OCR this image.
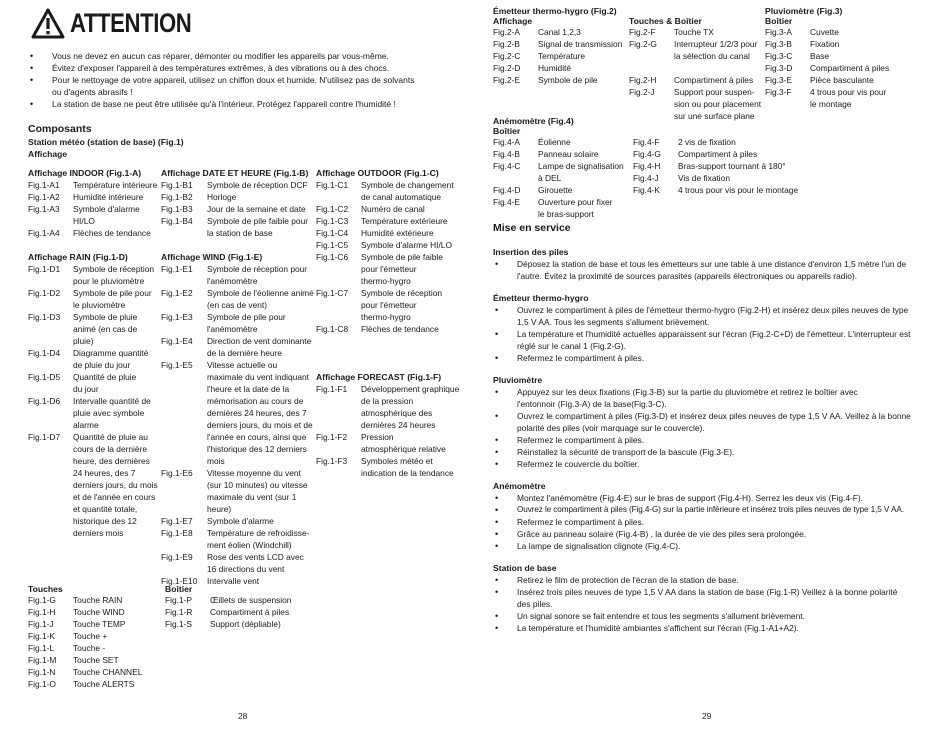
ATTENTION
• Vous ne devez en aucun cas réparer, démonter ou modifier les appareils par vous-même.
• Évitez d'exposer l'appareil à des températures extrêmes, à des vibrations ou à des chocs.
• Pour le nettoyage de votre appareil, utilisez un chiffon doux et humide. N'utilisez pas de solvants ou d'agents abrasifs !
• La station de base ne peut être utilisée qu'à l'intérieur. Protégez l'appareil contre l'humidité !
Composants
Station météo (station de base) (Fig.1)
Affichage
Affichage INDOOR (Fig.1-A)
Fig.1-A1	Température intérieure
Fig.1-A2	Humidité intérieure
Fig.1-A3	Symbole d'alarme HI/LO
Fig.1-A4	Flèches de tendance
Affichage RAIN (Fig.1-D)
Fig.1-D1	Symbole de réception pour le pluviomètre
Fig.1-D2	Symbole de pile pour le pluviomètre
Fig.1-D3	Symbole de pluie animé (en cas de pluie)
Fig.1-D4	Diagramme quantité de pluie du jour
Fig.1-D5	Quantité de pluie du jour
Fig.1-D6	Intervalle quantité de pluie avec symbole alarme
Fig.1-D7	Quantité de pluie au cours de la dernière heure, des dernières 24 heures, des 7 derniers jours, du mois et de l'année en cours et quantité totale, historique des 12 derniers mois
Affichage DATE ET HEURE (Fig.1-B)
Fig.1-B1	Symbole de réception DCF
Fig.1-B2	Horloge
Fig.1-B3	Jour de la semaine et date
Fig.1-B4	Symbole de pile faible pour la station de base
Affichage WIND (Fig.1-E)
Fig.1-E1	Symbole de réception pour l'anémomètre
Fig.1-E2	Symbole de l'éolienne animé (en cas de vent)
Fig.1-E3	Symbole de pile pour l'anémomètre
Fig.1-E4	Direction de vent dominante de la dernière heure
Fig.1-E5	Vitesse actuelle ou maximale du vent indiquant l'heure et la date de la mémorisation au cours de dernières 24 heures, des 7 derniers jours, du mois et de l'année en cours, ainsi que l'historique des 12 derniers mois
Fig.1-E6	Vitesse moyenne du vent (sur 10 minutes) ou vitesse maximale du vent (sur 1 heure)
Fig.1-E7	Symbole d'alarme
Fig.1-E8	Température de refroidisse-ment éolien (Windchill)
Fig.1-E9	Rose des vents LCD avec 16 directions du vent
Fig.1-E10	Intervalle vent
Affichage OUTDOOR (Fig.1-C)
Fig.1-C1	Symbole de changement de canal automatique
Fig.1-C2	Numéro de canal
Fig.1-C3	Température extérieure
Fig.1-C4	Humidité extérieure
Fig.1-C5	Symbole d'alarme HI/LO
Fig.1-C6	Symbole de pile faible pour l'émetteur thermo-hygro
Fig.1-C7	Symbole de réception pour l'émetteur thermo-hygro
Fig.1-C8	Flèches de tendance
Affichage FORECAST (Fig.1-F)
Fig.1-F1	Développement graphique de la pression atmosphérique des dernières 24 heures
Fig.1-F2	Pression atmosphérique relative
Fig.1-F3	Symboles météo et indication de la tendance
Touches
Fig.1-G	Touche RAIN
Fig.1-H	Touche WIND
Fig.1-J	Touche TEMP
Fig.1-K	Touche +
Fig.1-L	Touche -
Fig.1-M	Touche SET
Fig.1-N	Touche CHANNEL
Fig.1-O	Touche ALERTS
Boîtier
Fig.1-P	Œillets de suspension
Fig.1-R	Compartiment à piles
Fig.1-S	Support (dépliable)
28
Émetteur thermo-hygro (Fig.2)
Affichage
Fig.2-A	Canal 1,2,3
Fig.2-B	Signal de transmission
Fig.2-C	Température
Fig.2-D	Humidité
Fig.2-E	Symbole de pile
Touches & Boîtier
Fig.2-F	Touche TX
Fig.2-G	Interrupteur 1/2/3 pour la sélection du canal
Fig.2-H	Compartiment à piles
Fig.2-J	Support pour suspen-sion ou pour placement sur une surface plane
Pluviomètre (Fig.3)
Boîtier
Fig.3-A	Cuvette
Fig.3-B	Fixation
Fig.3-C	Base
Fig.3-D	Compartiment à piles
Fig.3-E	Pièce basculante
Fig.3-F	4 trous pour vis pour le montage
Anémomètre (Fig.4)
Boîtier
Fig.4-A	Éolienne
Fig.4-B	Panneau solaire
Fig.4-C	Lampe de signalisation à DEL
Fig.4-D	Girouette
Fig.4-E	Ouverture pour fixer le bras-support
Fig.4-F	2 vis de fixation
Fig.4-G	Compartiment à piles
Fig.4-H	Bras-support tournant à 180°
Fig.4-J	Vis de fixation
Fig.4-K	4 trous pour vis pour le montage
Mise en service
Insertion des piles
• Déposez la station de base et tous les émetteurs sur une table à une distance d'environ 1,5 mètre l'un de l'autre. Évitez la proximité de sources parasites (appareils électroniques ou appareils radio).
Émetteur thermo-hygro
• Ouvrez le compartiment à piles de l'émetteur thermo-hygro (Fig.2-H) et insérez deux piles neuves de type 1,5 V AA. Tous les segments s'allument brièvement.
• La température et l'humidité actuelles apparaissent sur l'écran (Fig.2-C+D) de l'émetteur. L'interrupteur est réglé sur le canal 1 (Fig.2-G).
• Refermez le compartiment à piles.
Pluviomètre
• Appuyez sur les deux fixations (Fig.3-B) sur la partie du pluviomètre et retirez le boîtier avec l'entonnoir (Fig.3-A) de la base(Fig.3-C).
• Ouvrez le compartiment à piles (Fig.3-D) et insérez deux piles neuves de type 1,5 V AA. Veillez à la bonne polarité des piles (voir marquage sur le couvercle).
• Refermez le compartiment à piles.
• Réinstallez la sécurité de transport de la bascule (Fig.3-E).
• Refermez le couvercle du boîtier.
Anémomètre
• Montez l'anémomètre (Fig.4-E) sur le bras de support (Fig.4-H). Serrez les deux vis (Fig.4-F).
• Ouvrez le compartiment à piles (Fig.4-G) sur la partie inférieure et insérez trois piles neuves de type 1,5 V AA.
• Refermez le compartiment à piles.
• Grâce au panneau solaire (Fig.4-B) , la durée de vie des piles sera prolongée.
• La lampe de signalisation clignote (Fig.4-C).
Station de base
• Retirez le film de protection de l'écran de la station de base.
• Insérez trois piles neuves de type 1,5 V AA dans la station de base (Fig.1-R) Veillez à la bonne polarité des piles.
• Un signal sonore se fait entendre et tous les segments s'allument brièvement.
• La température et l'humidité ambiantes s'affichent sur l'écran (Fig.1-A1+A2).
29
